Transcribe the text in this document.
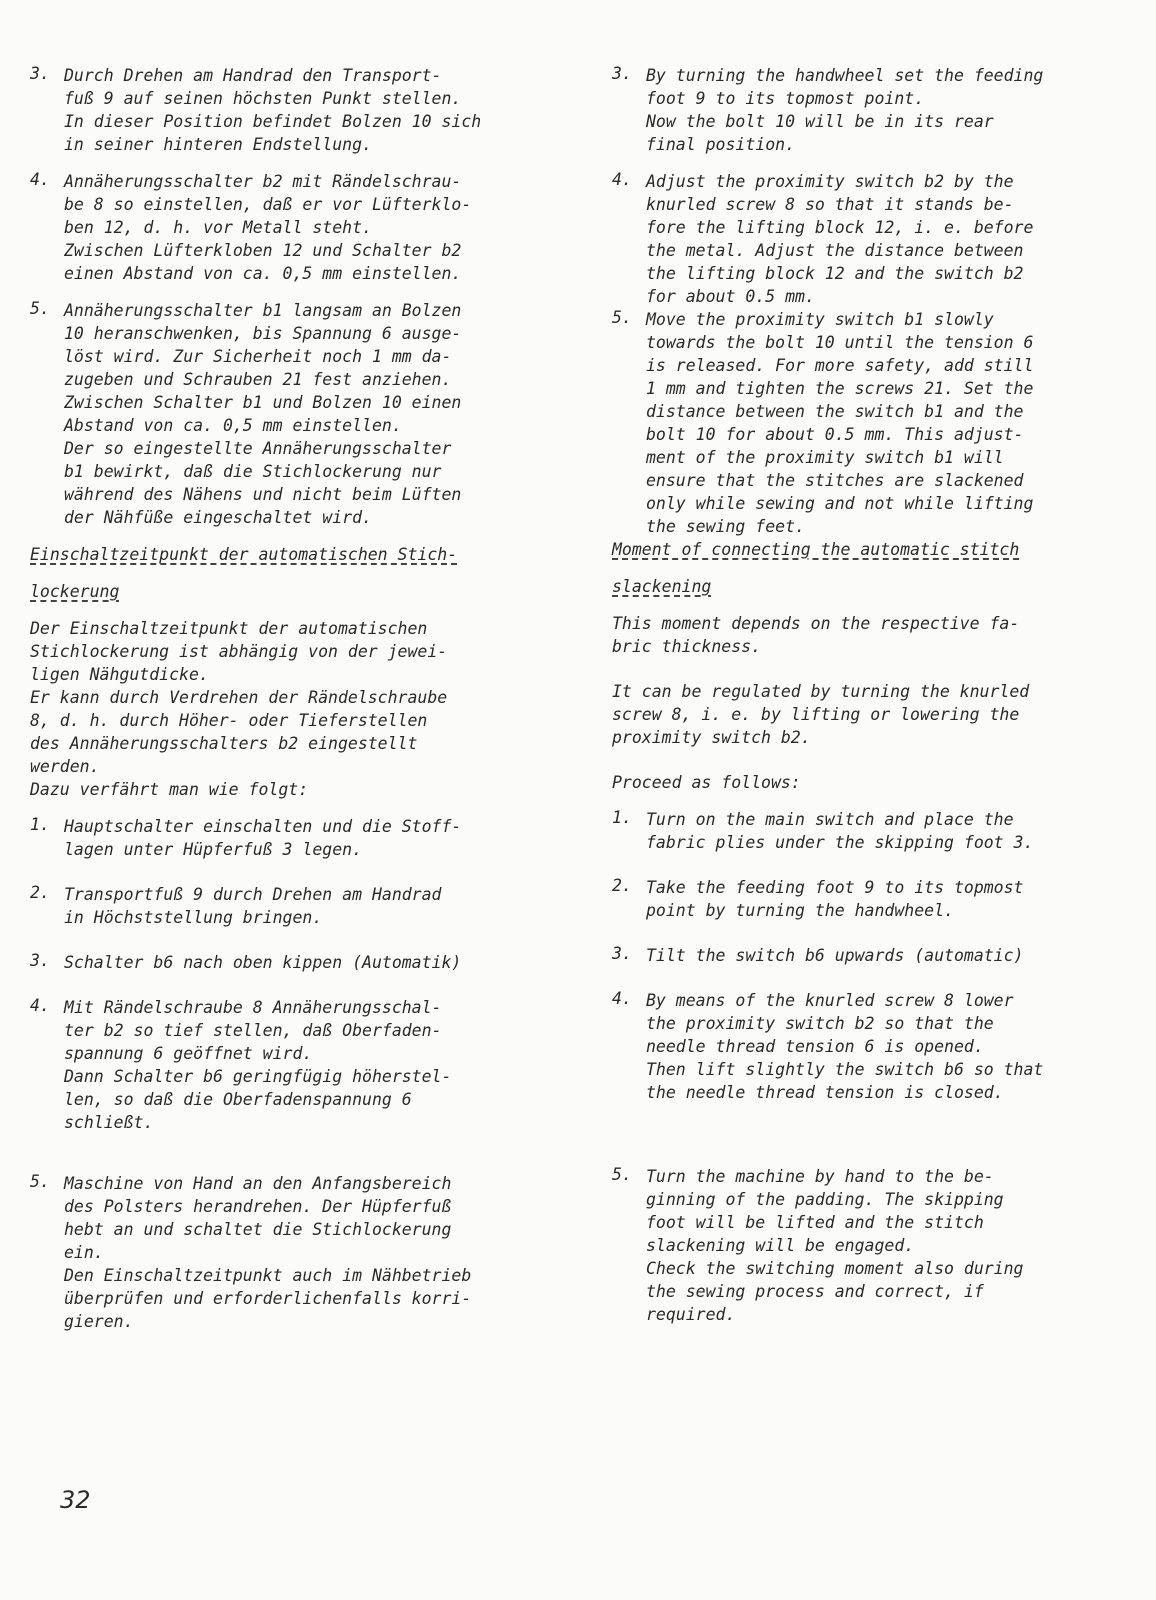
3. Durch Drehen am Handrad den Transport-
fuß 9 auf seinen höchsten Punkt stellen.
In dieser Position befindet Bolzen 10 sich
in seiner hinteren Endstellung.
4. Annäherungsschalter b2 mit Rändelschrau-
be 8 so einstellen, daß er vor Lüfterklo-
ben 12, d. h. vor Metall steht.
Zwischen Lüfterkloben 12 und Schalter b2
einen Abstand von ca. 0,5 mm einstellen.
5. Annäherungsschalter b1 langsam an Bolzen
10 heranschwenken, bis Spannung 6 ausge-
löst wird. Zur Sicherheit noch 1 mm da-
zugeben und Schrauben 21 fest anziehen.
Zwischen Schalter b1 und Bolzen 10 einen
Abstand von ca. 0,5 mm einstellen.
Der so eingestellte Annäherungsschalter
b1 bewirkt, daß die Stichlockerung nur
während des Nähens und nicht beim Lüften
der Nähfüße eingeschaltet wird.
Einschaltzeitpunkt der automatischen Stich-
lockerung
Der Einschaltzeitpunkt der automatischen
Stichlockerung ist abhängig von der jewei-
ligen Nähgutdicke.
Er kann durch Verdrehen der Rändelschraube
8, d. h. durch Höher- oder Tieferstellen
des Annäherungsschalters b2 eingestellt
werden.
Dazu verfährt man wie folgt:
1. Hauptschalter einschalten und die Stoff-
lagen unter Hüpferfuß 3 legen.
2. Transportfuß 9 durch Drehen am Handrad
in Höchststellung bringen.
3. Schalter b6 nach oben kippen (Automatik)
4. Mit Rändelschraube 8 Annäherungsschal-
ter b2 so tief stellen, daß Oberfaden-
spannung 6 geöffnet wird.
Dann Schalter b6 geringfügig höherstel-
len, so daß die Oberfadenspannung 6
schließt.
5. Maschine von Hand an den Anfangsbereich
des Polsters herandrehen. Der Hüpferfuß
hebt an und schaltet die Stichlockerung
ein.
Den Einschaltzeitpunkt auch im Nähbetrieb
überprüfen und erforderlichenfalls korri-
gieren.
3. By turning the handwheel set the feeding
foot 9 to its topmost point.
Now the bolt 10 will be in its rear
final position.
4. Adjust the proximity switch b2 by the
knurled screw 8 so that it stands be-
fore the lifting block 12, i. e. before
the metal. Adjust the distance between
the lifting block 12 and the switch b2
for about 0.5 mm.
5. Move the proximity switch b1 slowly
towards the bolt 10 until the tension 6
is released. For more safety, add still
1 mm and tighten the screws 21. Set the
distance between the switch b1 and the
bolt 10 for about 0.5 mm. This adjust-
ment of the proximity switch b1 will
ensure that the stitches are slackened
only while sewing and not while lifting
the sewing feet.
Moment of connecting the automatic stitch
slackening
This moment depends on the respective fa-
bric thickness.
It can be regulated by turning the knurled
screw 8, i. e. by lifting or lowering the
proximity switch b2.
Proceed as follows:
1. Turn on the main switch and place the
fabric plies under the skipping foot 3.
2. Take the feeding foot 9 to its topmost
point by turning the handwheel.
3. Tilt the switch b6 upwards (automatic)
4. By means of the knurled screw 8 lower
the proximity switch b2 so that the
needle thread tension 6 is opened.
Then lift slightly the switch b6 so that
the needle thread tension is closed.
5. Turn the machine by hand to the be-
ginning of the padding. The skipping
foot will be lifted and the stitch
slackening will be engaged.
Check the switching moment also during
the sewing process and correct, if
required.
32
